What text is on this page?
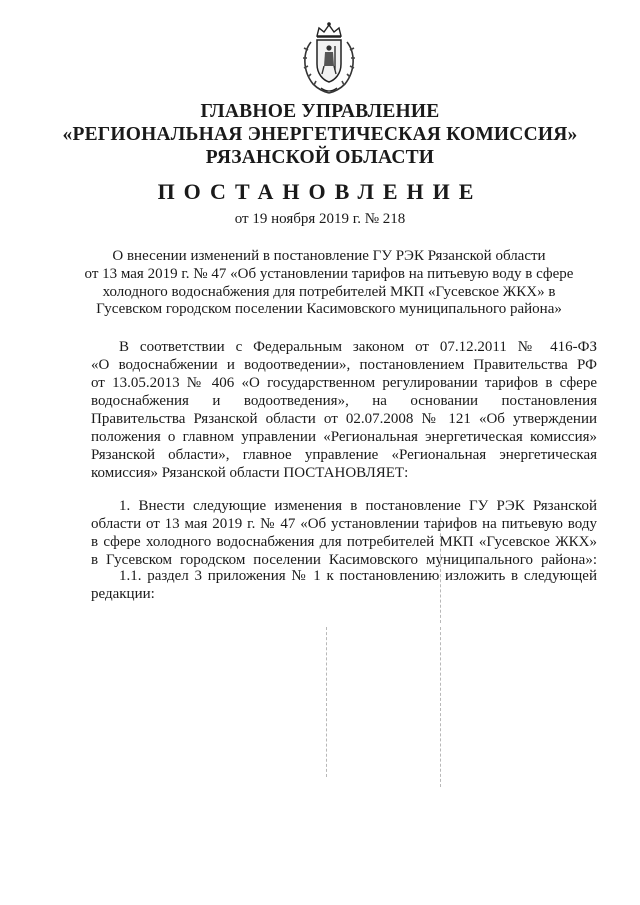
ГЛАВНОЕ УПРАВЛЕНИЕ
«РЕГИОНАЛЬНАЯ ЭНЕРГЕТИЧЕСКАЯ КОМИССИЯ»
РЯЗАНСКОЙ ОБЛАСТИ
ПОСТАНОВЛЕНИЕ
от 19 ноября 2019 г. № 218
О внесении изменений в постановление ГУ РЭК Рязанской области
от 13 мая 2019 г. № 47 «Об установлении тарифов на питьевую воду в сфере
холодного водоснабжения для потребителей МКП «Гусевское ЖКХ» в
Гусевском городском поселении Касимовского муниципального района»
В соответствии с Федеральным законом от 07.12.2011 № 416-ФЗ
«О водоснабжении и водоотведении», постановлением Правительства РФ
от 13.05.2013 № 406 «О государственном регулировании тарифов в сфере
водоснабжения и водоотведения», на основании постановления
Правительства Рязанской области от 02.07.2008 № 121 «Об утверждении
положения о главном управлении «Региональная энергетическая комиссия»
Рязанской области», главное управление «Региональная энергетическая
комиссия» Рязанской области ПОСТАНОВЛЯЕТ:
1. Внести следующие изменения в постановление ГУ РЭК Рязанской
области от 13 мая 2019 г. № 47 «Об установлении тарифов на питьевую воду
в сфере холодного водоснабжения для потребителей МКП «Гусевское ЖКХ»
в Гусевском городском поселении Касимовского муниципального района»:
1.1. раздел 3 приложения № 1 к постановлению изложить в следующей
редакции:
